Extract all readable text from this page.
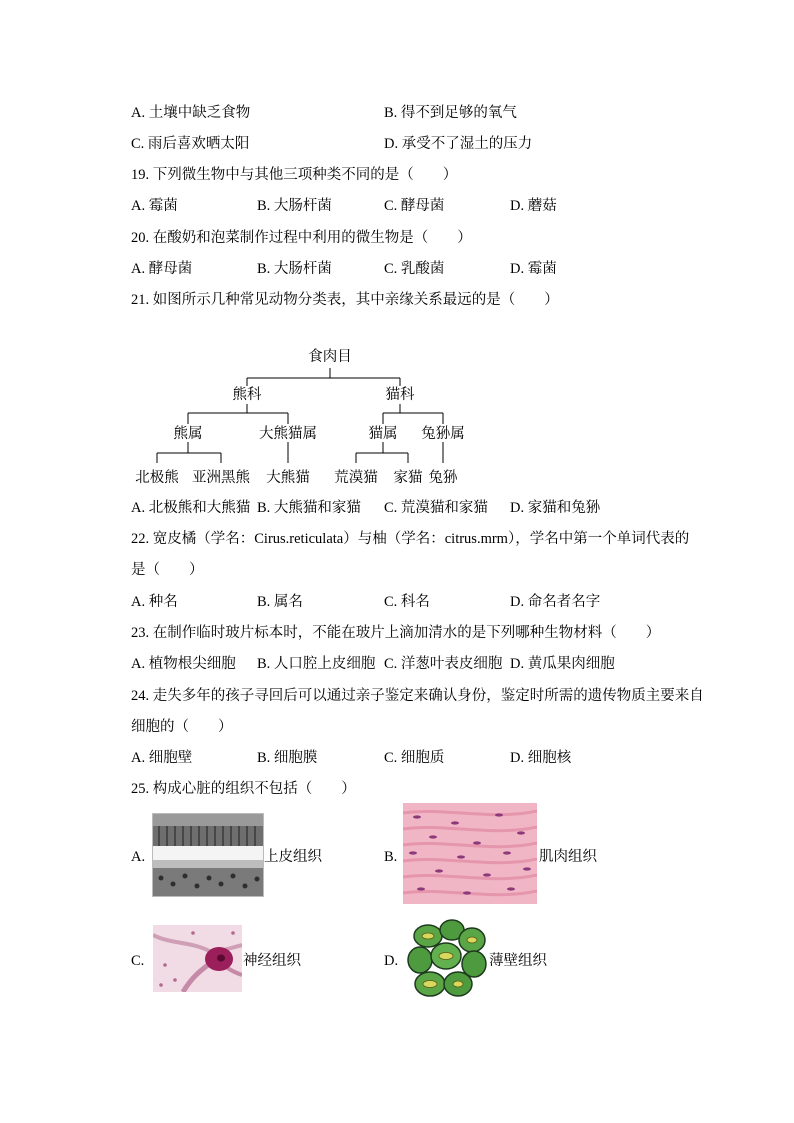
A. 土壤中缺乏食物	B. 得不到足够的氧气
C. 雨后喜欢晒太阳	D. 承受不了湿土的压力
19. 下列微生物中与其他三项种类不同的是（　　）
A. 霉菌	B. 大肠杆菌	C. 酵母菌	D. 蘑菇
20. 在酸奶和泡菜制作过程中利用的微生物是（　　）
A. 酵母菌	B. 大肠杆菌	C. 乳酸菌	D. 霉菌
21. 如图所示几种常见动物分类表，其中亲缘关系最远的是（　　）
食肉目
熊科	猫科
熊属	大熊猫属	猫属 兔狲属
北极熊 亚洲黑熊 大熊猫 荒漠猫 家猫 兔狲
A. 北极熊和大熊猫 B. 大熊猫和家猫 C. 荒漠猫和家猫 D. 家猫和兔狲
22. 宽皮橘（学名：Cirus.reticulata）与柚（学名：citrus.mrm），学名中第一个单词代表的
是（　　）
A. 种名	B. 属名	C. 科名	D. 命名者名字
23. 在制作临时玻片标本时，不能在玻片上滴加清水的是下列哪种生物材料（　　）
A. 植物根尖细胞 B. 人口腔上皮细胞 C. 洋葱叶表皮细胞 D. 黄瓜果肉细胞
24. 走失多年的孩子寻回后可以通过亲子鉴定来确认身份，鉴定时所需的遗传物质主要来自
细胞的（　　）
A. 细胞壁	B. 细胞膜	C. 细胞质	D. 细胞核
25. 构成心脏的组织不包括（　　）
A.	上皮组织	B.	肌肉组织
C.	神经组织	D.	薄壁组织
